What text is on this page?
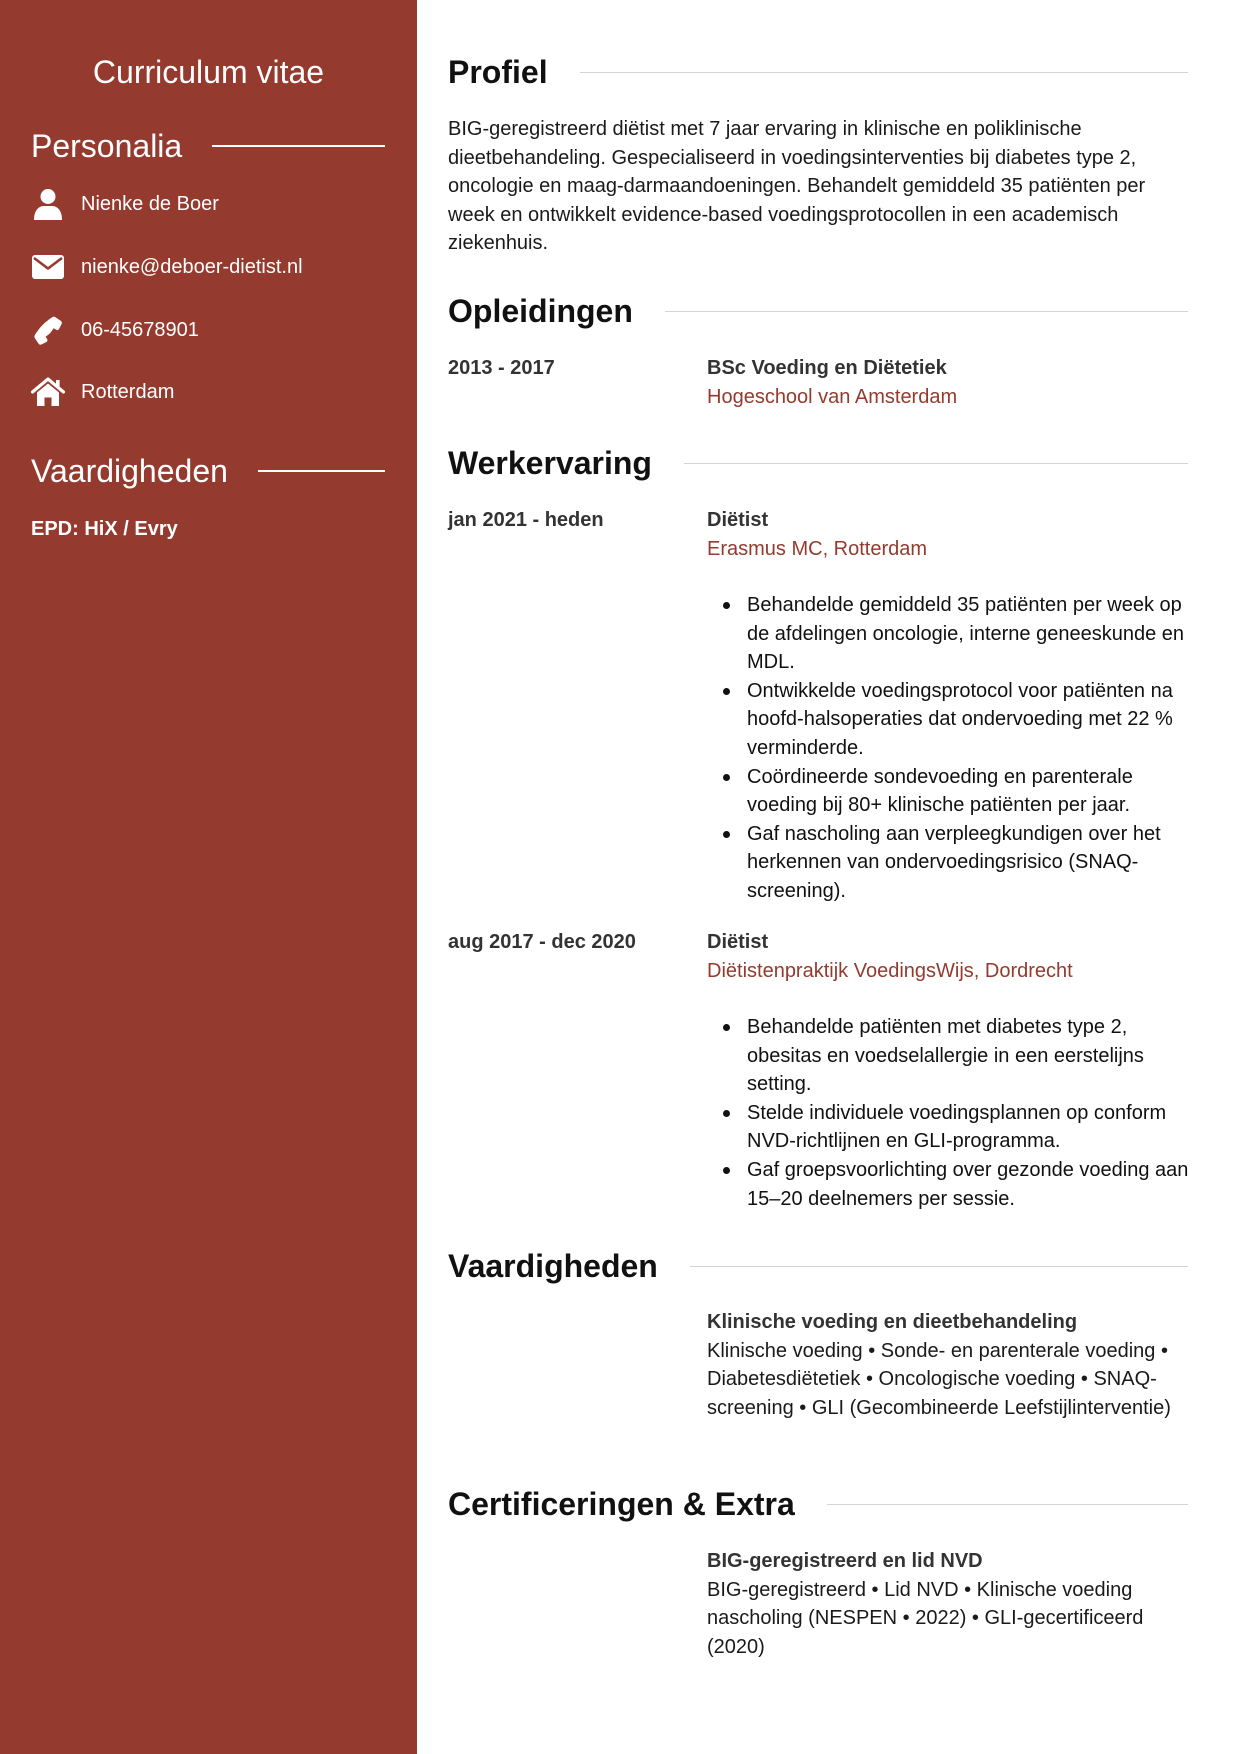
Curriculum vitae
Personalia
Nienke de Boer
nienke@deboer-dietist.nl
06-45678901
Rotterdam
Vaardigheden
EPD: HiX / Evry
Profiel

BIG-geregistreerd diëtist met 7 jaar ervaring in klinische en poliklinische dieetbehandeling. Gespecialiseerd in voedingsinterventies bij diabetes type 2, oncologie en maag-darmaandoeningen. Behandelt gemiddeld 35 patiënten per week en ontwikkelt evidence-based voedingsprotocollen in een academisch ziekenhuis.

Opleidingen
2013 - 2017	BSc Voeding en Diëtetiek
Hogeschool van Amsterdam
Werkervaring
jan 2021 - heden	Diëtist
Erasmus MC, Rotterdam
Behandelde gemiddeld 35 patiënten per week op de afdelingen oncologie, interne geneeskunde en MDL.
Ontwikkelde voedingsprotocol voor patiënten na hoofd-halsoperaties dat ondervoeding met 22 % verminderde.
Coördineerde sondevoeding en parenterale voeding bij 80+ klinische patiënten per jaar.
Gaf nascholing aan verpleegkundigen over het herkennen van ondervoedingsrisico (SNAQ-screening).
aug 2017 - dec 2020	Diëtist
Diëtistenpraktijk VoedingsWijs, Dordrecht
Behandelde patiënten met diabetes type 2, obesitas en voedselallergie in een eerstelijns setting.
Stelde individuele voedingsplannen op conform NVD-richtlijnen en GLI-programma.
Gaf groepsvoorlichting over gezonde voeding aan 15–20 deelnemers per sessie.
Vaardigheden
Klinische voeding en dieetbehandeling
Klinische voeding • Sonde- en parenterale voeding • Diabetesdiëtetiek • Oncologische voeding • SNAQ-screening • GLI (Gecombineerde Leefstijlinterventie)
Certificeringen & Extra
BIG-geregistreerd en lid NVD
BIG-geregistreerd • Lid NVD • Klinische voeding nascholing (NESPEN • 2022) • GLI-gecertificeerd (2020)
